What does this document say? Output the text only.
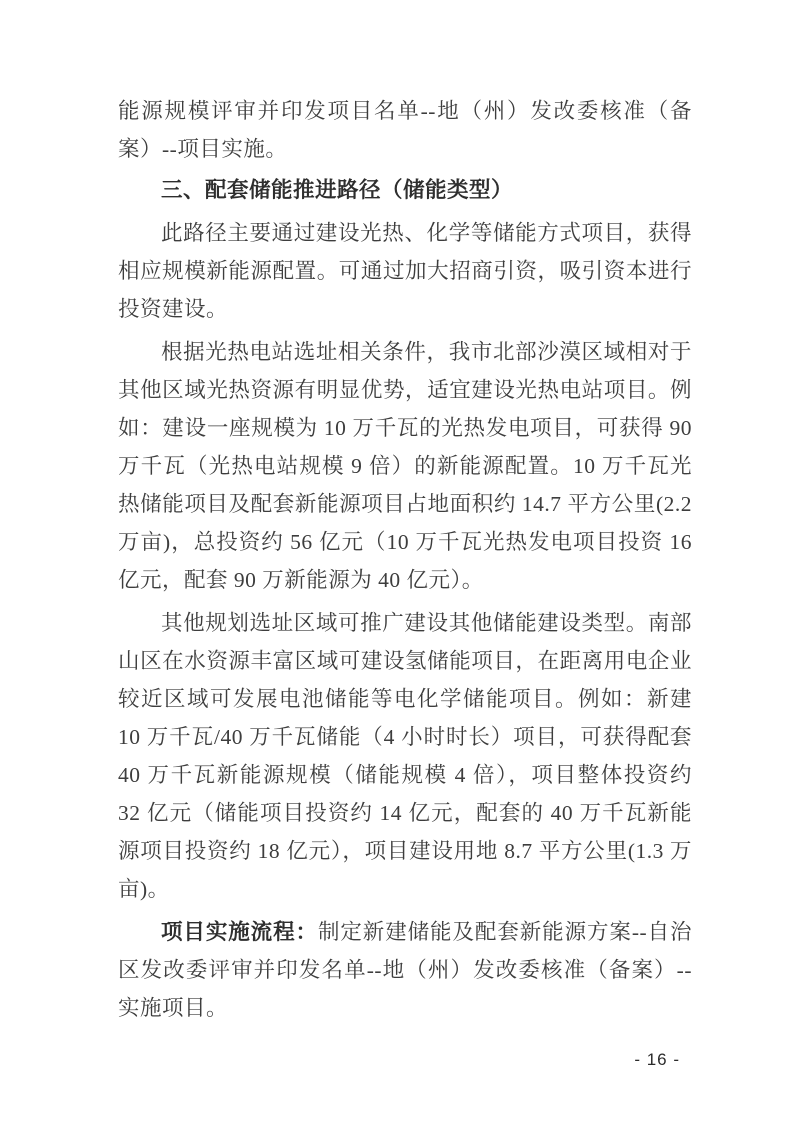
能源规模评审并印发项目名单--地（州）发改委核准（备案）--项目实施。

三、配套储能推进路径（储能类型）

此路径主要通过建设光热、化学等储能方式项目，获得相应规模新能源配置。可通过加大招商引资，吸引资本进行投资建设。

根据光热电站选址相关条件，我市北部沙漠区域相对于其他区域光热资源有明显优势，适宜建设光热电站项目。例如：建设一座规模为 10 万千瓦的光热发电项目，可获得 90 万千瓦（光热电站规模 9 倍）的新能源配置。10 万千瓦光热储能项目及配套新能源项目占地面积约 14.7 平方公里(2.2 万亩)，总投资约 56 亿元（10 万千瓦光热发电项目投资 16 亿元，配套 90 万新能源为 40 亿元）。

其他规划选址区域可推广建设其他储能建设类型。南部山区在水资源丰富区域可建设氢储能项目，在距离用电企业较近区域可发展电池储能等电化学储能项目。例如：新建 10 万千瓦/40 万千瓦储能（4 小时时长）项目，可获得配套 40 万千瓦新能源规模（储能规模 4 倍），项目整体投资约 32 亿元（储能项目投资约 14 亿元，配套的 40 万千瓦新能源项目投资约 18 亿元），项目建设用地 8.7 平方公里(1.3 万亩)。

项目实施流程：制定新建储能及配套新能源方案--自治区发改委评审并印发名单--地（州）发改委核准（备案）--实施项目。

- 16 -
